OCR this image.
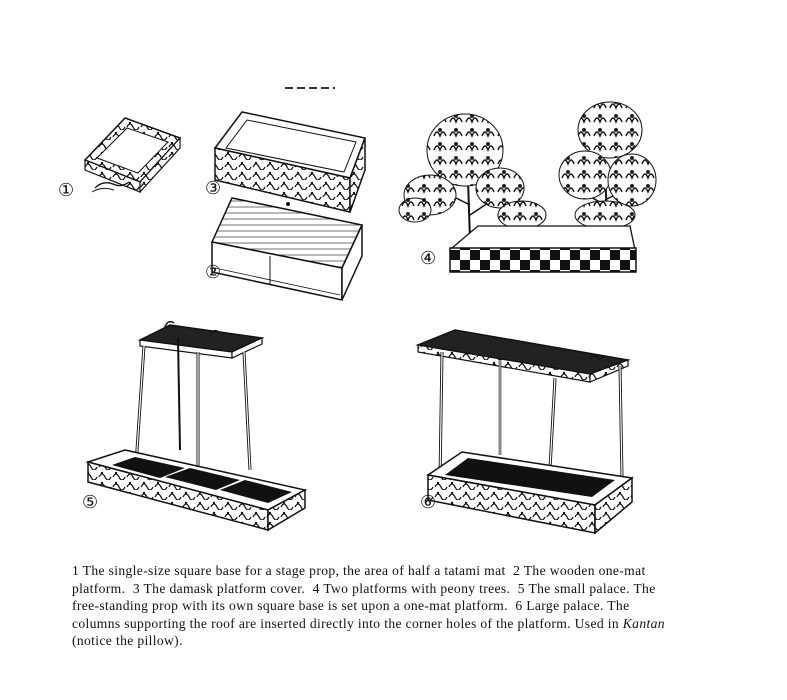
①
②
③
④
⑤	⑥
1 The single-size square base for a stage prop, the area of half a tatami mat 2 The wooden one-mat platform. 3 The damask platform cover. 4 Two platforms with peony trees. 5 The small palace. The free-standing prop with its own square base is set upon a one-mat platform. 6 Large palace. The columns supporting the roof are inserted directly into the corner holes of the platform. Used in Kantan (notice the pillow).
